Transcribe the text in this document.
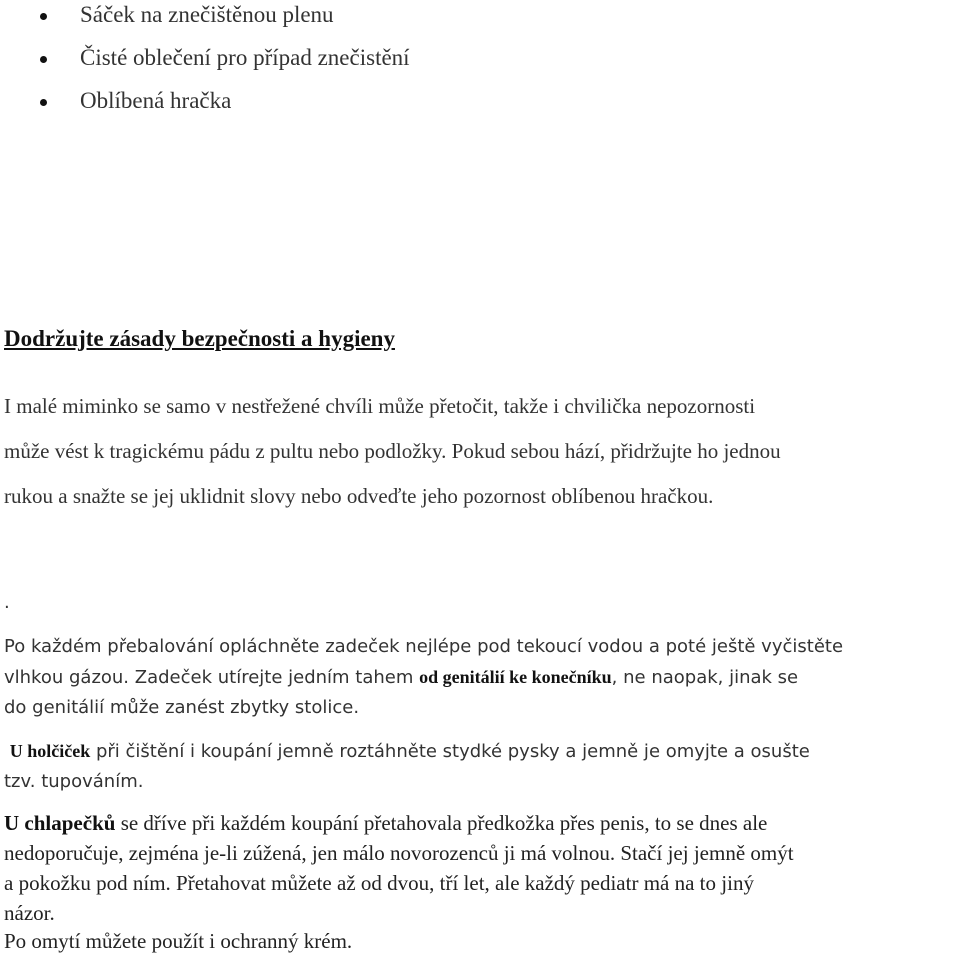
Sáček na znečištěnou plenu
Čisté oblečení pro případ znečistění
Oblíbená hračka
Dodržujte zásady bezpečnosti a hygieny

I malé miminko se samo v nestřežené chvíli může přetočit, takže i chvilička nepozornosti
může vést k tragickému pádu z pultu nebo podložky. Pokud sebou hází, přidržujte ho jednou
rukou a snažte se jej uklidnit slovy nebo odveďte jeho pozornost oblíbenou hračkou.

.

Po každém přebalování opláchněte zadeček nejlépe pod tekoucí vodou a poté ještě vyčistěte
vlhkou gázou. Zadeček utírejte jedním tahem od genitálií ke konečníku, ne naopak, jinak se
do genitálií může zanést zbytky stolice.

U holčiček při čištění i koupání jemně roztáhněte stydké pysky a jemně je omyjte a osušte
tzv. tupováním.

U chlapečků se dříve při každém koupání přetahovala předkožka přes penis, to se dnes ale
nedoporučuje, zejména je-li zúžená, jen málo novorozenců ji má volnou. Stačí jej jemně omýt
a pokožku pod ním. Přetahovat můžete až od dvou, tří let, ale každý pediatr má na to jiný
názor.

Po omytí můžete použít i ochranný krém.
